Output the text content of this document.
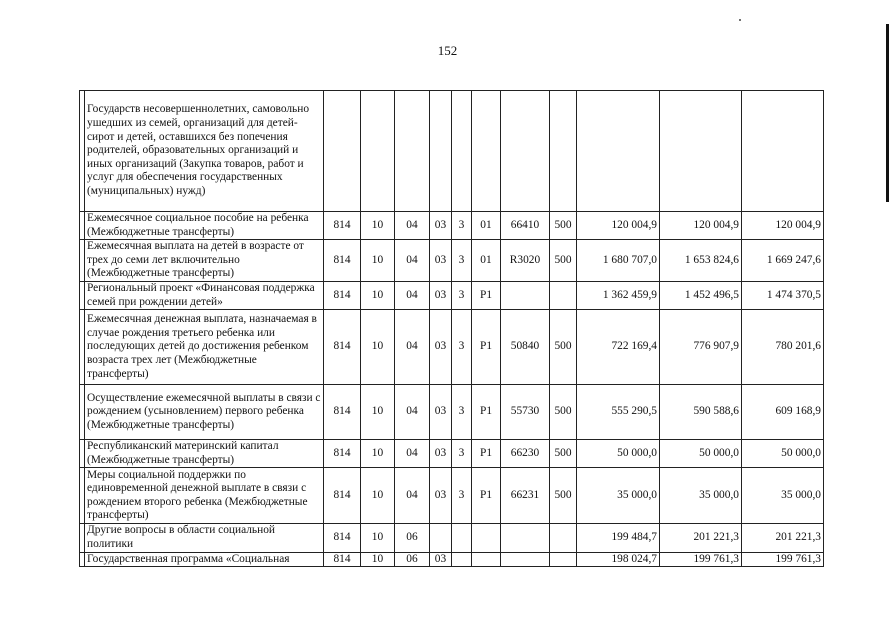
152
	Государств несовершеннолетних, самовольно ушедших из семей, организаций для детей-сирот и детей, оставшихся без попечения родителей, образовательных организаций и иных организаций (Закупка товаров, работ и услуг для обеспечения государственных (муниципальных) нужд)											
	Ежемесячное социальное пособие на ребенка (Межбюджетные трансферты)	814	10	04	03	3	01	66410	500	120 004,9	120 004,9	120 004,9
	Ежемесячная выплата на детей в возрасте от трех до семи лет включительно (Межбюджетные трансферты)	814	10	04	03	3	01	R3020	500	1 680 707,0	1 653 824,6	1 669 247,6
	Региональный проект «Финансовая поддержка семей при рождении детей»	814	10	04	03	3	P1			1 362 459,9	1 452 496,5	1 474 370,5
	Ежемесячная денежная выплата, назначаемая в случае рождения третьего ребенка или последующих детей до достижения ребенком возраста трех лет (Межбюджетные трансферты)	814	10	04	03	3	P1	50840	500	722 169,4	776 907,9	780 201,6
	Осуществление ежемесячной выплаты в связи с рождением (усыновлением) первого ребенка (Межбюджетные трансферты)	814	10	04	03	3	P1	55730	500	555 290,5	590 588,6	609 168,9
	Республиканский материнский капитал (Межбюджетные трансферты)	814	10	04	03	3	P1	66230	500	50 000,0	50 000,0	50 000,0
	Меры социальной поддержки по единовременной денежной выплате в связи с рождением второго ребенка (Межбюджетные трансферты)	814	10	04	03	3	P1	66231	500	35 000,0	35 000,0	35 000,0
	Другие вопросы в области социальной политики	814	10	06						199 484,7	201 221,3	201 221,3
	Государственная программа «Социальная	814	10	06	03					198 024,7	199 761,3	199 761,3
